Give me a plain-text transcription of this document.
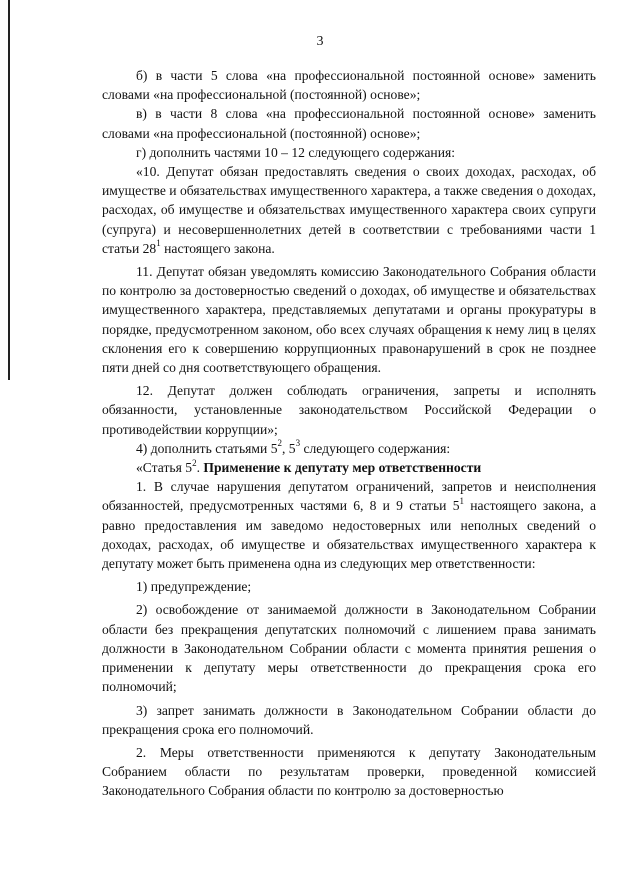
3

б) в части 5 слова «на профессиональной постоянной основе» заменить словами «на профессиональной (постоянной) основе»;

в) в части 8 слова «на профессиональной постоянной основе» заменить словами «на профессиональной (постоянной) основе»;

г) дополнить частями 10 – 12 следующего содержания:

«10. Депутат обязан предоставлять сведения о своих доходах, расходах, об имуществе и обязательствах имущественного характера, а также сведения о доходах, расходах, об имуществе и обязательствах имущественного характера своих супруги (супруга) и несовершеннолетних детей в соответствии с требованиями части 1 статьи $28^1$ настоящего закона.

11. Депутат обязан уведомлять комиссию Законодательного Собрания области по контролю за достоверностью сведений о доходах, об имуществе и обязательствах имущественного характера, представляемых депутатами и органы прокуратуры в порядке, предусмотренном законом, обо всех случаях обращения к нему лиц в целях склонения его к совершению коррупционных правонарушений в срок не позднее пяти дней со дня соответствующего обращения.

12. Депутат должен соблюдать ограничения, запреты и исполнять обязанности, установленные законодательством Российской Федерации о противодействии коррупции»;

4) дополнить статьями $5^2$, $5^3$ следующего содержания:

«Статья $5^2$. Применение к депутату мер ответственности

1. В случае нарушения депутатом ограничений, запретов и неисполнения обязанностей, предусмотренных частями 6, 8 и 9 статьи $5^1$ настоящего закона, а равно предоставления им заведомо недостоверных или неполных сведений о доходах, расходах, об имуществе и обязательствах имущественного характера к депутату может быть применена одна из следующих мер ответственности:

1) предупреждение;

2) освобождение от занимаемой должности в Законодательном Собрании области без прекращения депутатских полномочий с лишением права занимать должности в Законодательном Собрании области с момента принятия решения о применении к депутату меры ответственности до прекращения срока его полномочий;

3) запрет занимать должности в Законодательном Собрании области до прекращения срока его полномочий.

2. Меры ответственности применяются к депутату Законодательным Собранием области по результатам проверки, проведенной комиссией Законодательного Собрания области по контролю за достоверностью
